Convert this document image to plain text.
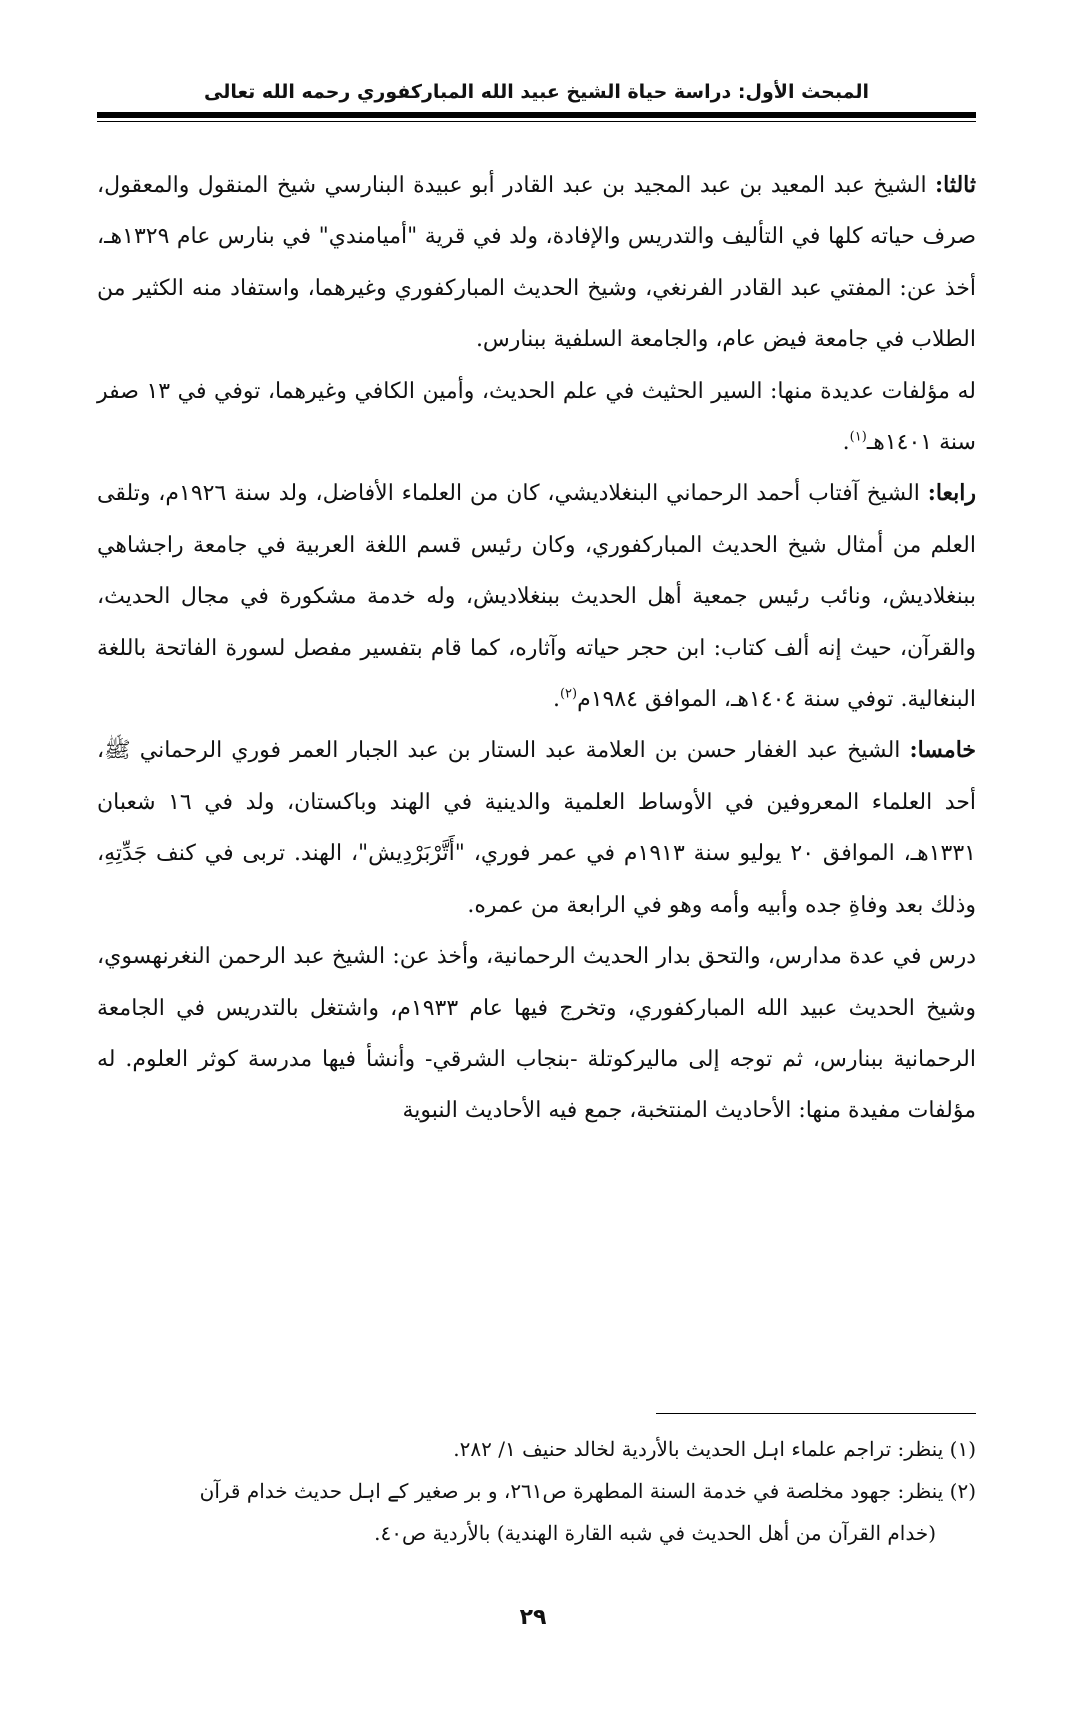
المبحث الأول: دراسة حياة الشيخ عبيد الله المباركفوري رحمه الله تعالى

ثالثا: الشيخ عبد المعيد بن عبد المجيد بن عبد القادر أبو عبيدة البنارسي شيخ المنقول والمعقول، صرف حياته كلها في التأليف والتدريس والإفادة، ولد في قرية "أميامندي" في بنارس عام ١٣٢٩هـ، أخذ عن: المفتي عبد القادر الفرنغي، وشيخ الحديث المباركفوري وغيرهما، واستفاد منه الكثير من الطلاب في جامعة فيض عام، والجامعة السلفية ببنارس.

له مؤلفات عديدة منها: السير الحثيث في علم الحديث، وأمين الكافي وغيرهما، توفي في ١٣ صفر سنة ١٤٠١هـ$^{(١)}$.

رابعا: الشيخ آفتاب أحمد الرحماني البنغلاديشي، كان من العلماء الأفاضل، ولد سنة ١٩٢٦م، وتلقى العلم من أمثال شيخ الحديث المباركفوري، وكان رئيس قسم اللغة العربية في جامعة راجشاهي ببنغلاديش، ونائب رئيس جمعية أهل الحديث ببنغلاديش، وله خدمة مشكورة في مجال الحديث، والقرآن، حيث إنه ألف كتاب: ابن حجر حياته وآثاره، كما قام بتفسير مفصل لسورة الفاتحة باللغة البنغالية. توفي سنة ١٤٠٤هـ، الموافق ١٩٨٤م$^{(٢)}$.

خامسا: الشيخ عبد الغفار حسن بن العلامة عبد الستار بن عبد الجبار العمر فوري الرحماني ﷺ، أحد العلماء المعروفين في الأوساط العلمية والدينية في الهند وباكستان، ولد في ١٦ شعبان ١٣٣١هـ، الموافق ٢٠ يوليو سنة ١٩١٣م في عمر فوري، "أَتَّرْبَرْدِيش"، الهند. تربى في كنف جَدِّتِهِ، وذلك بعد وفاةِ جده وأبيه وأمه وهو في الرابعة من عمره.

درس في عدة مدارس، والتحق بدار الحديث الرحمانية، وأخذ عن: الشيخ عبد الرحمن النغرنهسوي، وشيخ الحديث عبيد الله المباركفوري، وتخرج فيها عام ١٩٣٣م، واشتغل بالتدريس في الجامعة الرحمانية ببنارس، ثم توجه إلى ماليركوتلة -بنجاب الشرقي- وأنشأ فيها مدرسة كوثر العلوم. له مؤلفات مفيدة منها: الأحاديث المنتخبة، جمع فيه الأحاديث النبوية

(١) ينظر: تراجم علماء اہل الحدیث بالأردية لخالد حنيف ١/ ٢٨٢.

(٢) ينظر: جهود مخلصة في خدمة السنة المطهرة ص٢٦١، و بر صغیر کے اہل حدیث خدام قرآن

(خدام القرآن من أهل الحديث في شبه القارة الهندية) بالأردية ص٤٠.

٢٩
